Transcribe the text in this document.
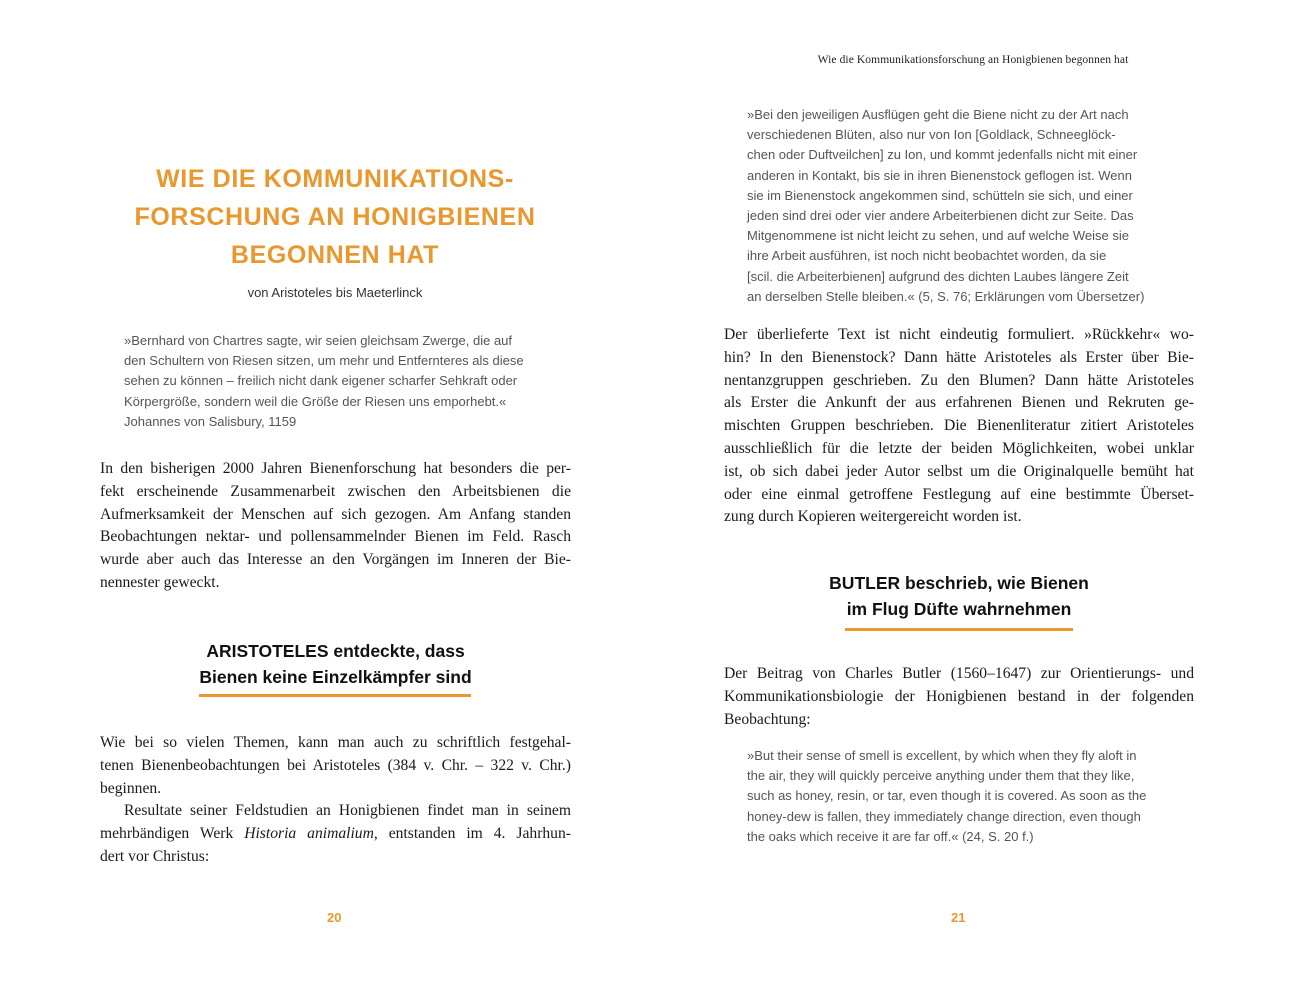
WIE DIE KOMMUNIKATIONS-
FORSCHUNG AN HONIGBIENEN
BEGONNEN HAT
von Aristoteles bis Maeterlinck
»Bernhard von Chartres sagte, wir seien gleichsam Zwerge, die auf
den Schultern von Riesen sitzen, um mehr und Entfernteres als diese
sehen zu können – freilich nicht dank eigener scharfer Sehkraft oder
Körpergröße, sondern weil die Größe der Riesen uns emporhebt.«
Johannes von Salisbury, 1159
In den bisherigen 2000 Jahren Bienenforschung hat besonders die per-
fekt erscheinende Zusammenarbeit zwischen den Arbeitsbienen die
Aufmerksamkeit der Menschen auf sich gezogen. Am Anfang standen
Beobachtungen nektar- und pollensammelnder Bienen im Feld. Rasch
wurde aber auch das Interesse an den Vorgängen im Inneren der Bie-
nennester geweckt.
ARISTOTELES entdeckte, dass
Bienen keine Einzelkämpfer sind
Wie bei so vielen Themen, kann man auch zu schriftlich festgehal-
tenen Bienenbeobachtungen bei Aristoteles (384 v. Chr. – 322 v. Chr.)
beginnen.
Resultate seiner Feldstudien an Honigbienen findet man in seinem
mehrbändigen Werk Historia animalium, entstanden im 4. Jahrhun-
dert vor Christus:
20
Wie die Kommunikationsforschung an Honigbienen begonnen hat
»Bei den jeweiligen Ausflügen geht die Biene nicht zu der Art nach
verschiedenen Blüten, also nur von Ion [Goldlack, Schneeglöck-
chen oder Duftveilchen] zu Ion, und kommt jedenfalls nicht mit einer
anderen in Kontakt, bis sie in ihren Bienenstock geflogen ist. Wenn
sie im Bienenstock angekommen sind, schütteln sie sich, und einer
jeden sind drei oder vier andere Arbeiterbienen dicht zur Seite. Das
Mitgenommene ist nicht leicht zu sehen, und auf welche Weise sie
ihre Arbeit ausführen, ist noch nicht beobachtet worden, da sie
[scil. die Arbeiterbienen] aufgrund des dichten Laubes längere Zeit
an derselben Stelle bleiben.« (5, S. 76; Erklärungen vom Übersetzer)
Der überlieferte Text ist nicht eindeutig formuliert. »Rückkehr« wo-
hin? In den Bienenstock? Dann hätte Aristoteles als Erster über Bie-
nentanzgruppen geschrieben. Zu den Blumen? Dann hätte Aristoteles
als Erster die Ankunft der aus erfahrenen Bienen und Rekruten ge-
mischten Gruppen beschrieben. Die Bienenliteratur zitiert Aristoteles
ausschließlich für die letzte der beiden Möglichkeiten, wobei unklar
ist, ob sich dabei jeder Autor selbst um die Originalquelle bemüht hat
oder eine einmal getroffene Festlegung auf eine bestimmte Überset-
zung durch Kopieren weitergereicht worden ist.
BUTLER beschrieb, wie Bienen
im Flug Düfte wahrnehmen
Der Beitrag von Charles Butler (1560–1647) zur Orientierungs- und
Kommunikationsbiologie der Honigbienen bestand in der folgenden
Beobachtung:
»But their sense of smell is excellent, by which when they fly aloft in
the air, they will quickly perceive anything under them that they like,
such as honey, resin, or tar, even though it is covered. As soon as the
honey-dew is fallen, they immediately change direction, even though
the oaks which receive it are far off.« (24, S. 20 f.)
21
